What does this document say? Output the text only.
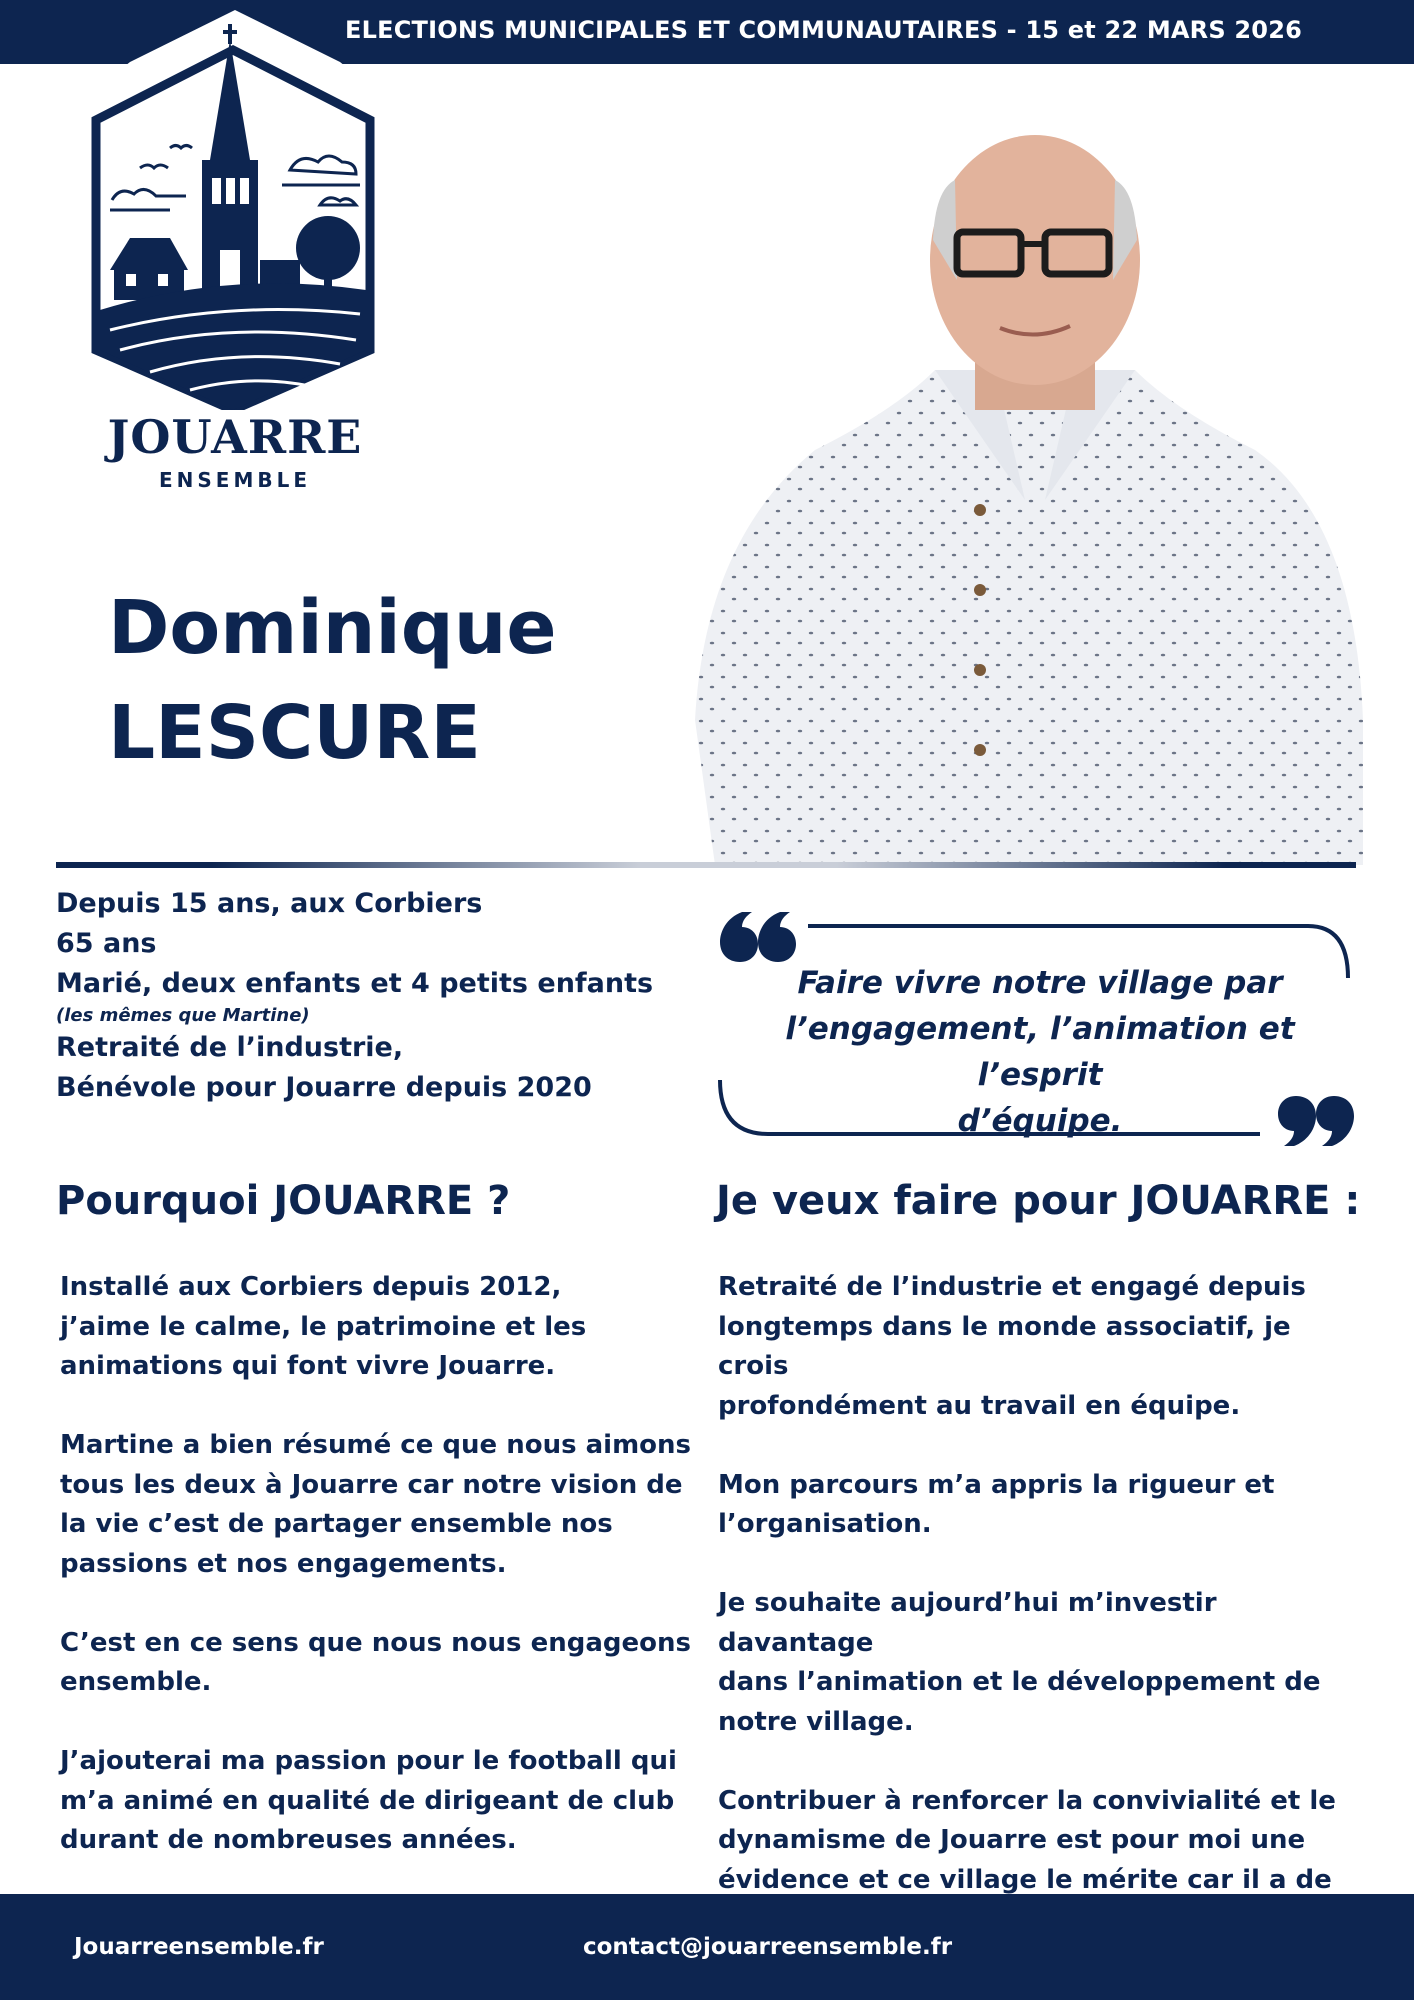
ELECTIONS MUNICIPALES ET COMMUNAUTAIRES - 15 et 22 MARS 2026
JOUARRE
ENSEMBLE
Dominique
LESCURE
Depuis 15 ans, aux Corbiers
65 ans
Marié, deux enfants et 4 petits enfants
(les mêmes que Martine)
Retraité de l’industrie,
Bénévole pour Jouarre depuis 2020
Faire vivre notre village par
l’engagement, l’animation et l’esprit
d’équipe.
Pourquoi JOUARRE ?	Je veux faire pour JOUARRE :

Installé aux Corbiers depuis 2012,
j’aime le calme, le patrimoine et les
animations qui font vivre Jouarre.

Martine a bien résumé ce que nous aimons
tous les deux à Jouarre car notre vision de
la vie c’est de partager ensemble nos
passions et nos engagements.

C’est en ce sens que nous nous engageons
ensemble.

J’ajouterai ma passion pour le football qui
m’a animé en qualité de dirigeant de club
durant de nombreuses années.

Retraité de l’industrie et engagé depuis
longtemps dans le monde associatif, je crois
profondément au travail en équipe.

Mon parcours m’a appris la rigueur et
l’organisation.

Je souhaite aujourd’hui m’investir davantage
dans l’animation et le développement de
notre village.

Contribuer à renforcer la convivialité et le
dynamisme de Jouarre est pour moi une
évidence et ce village le mérite car il a de

Jouarreensemble.fr	contact@jouarreensemble.fr
